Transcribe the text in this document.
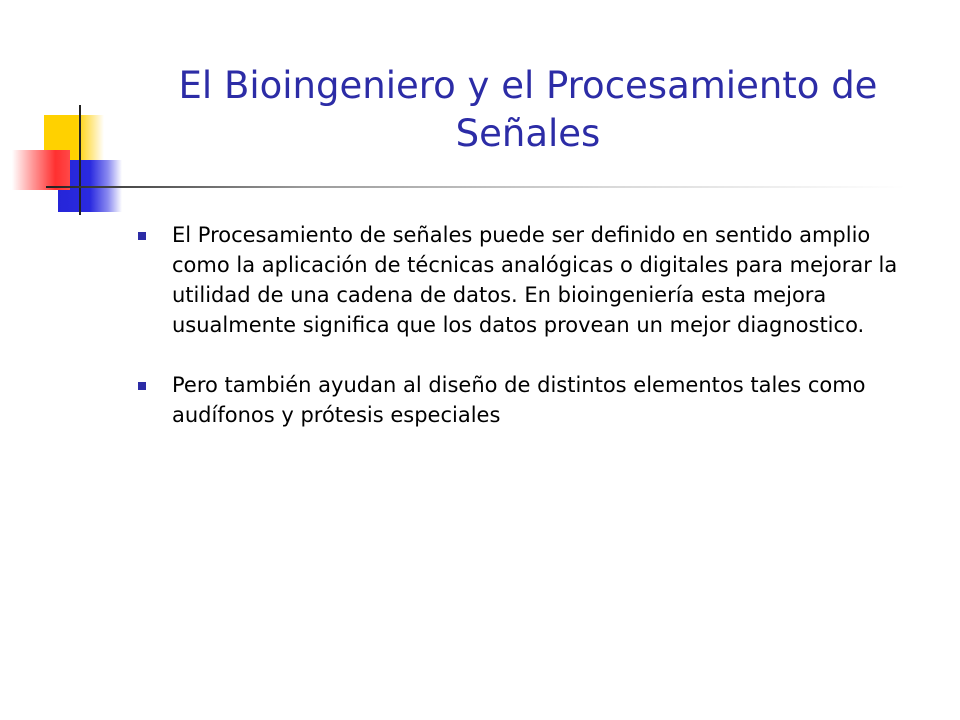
El Bioingeniero y el Procesamiento de Señales
El Procesamiento de señales puede ser definido en sentido amplio como la aplicación de técnicas analógicas o digitales para mejorar la utilidad de una cadena de datos. En bioingeniería esta mejora usualmente significa que los datos provean un mejor diagnostico.
Pero también ayudan al diseño de distintos elementos tales como audífonos y prótesis especiales
